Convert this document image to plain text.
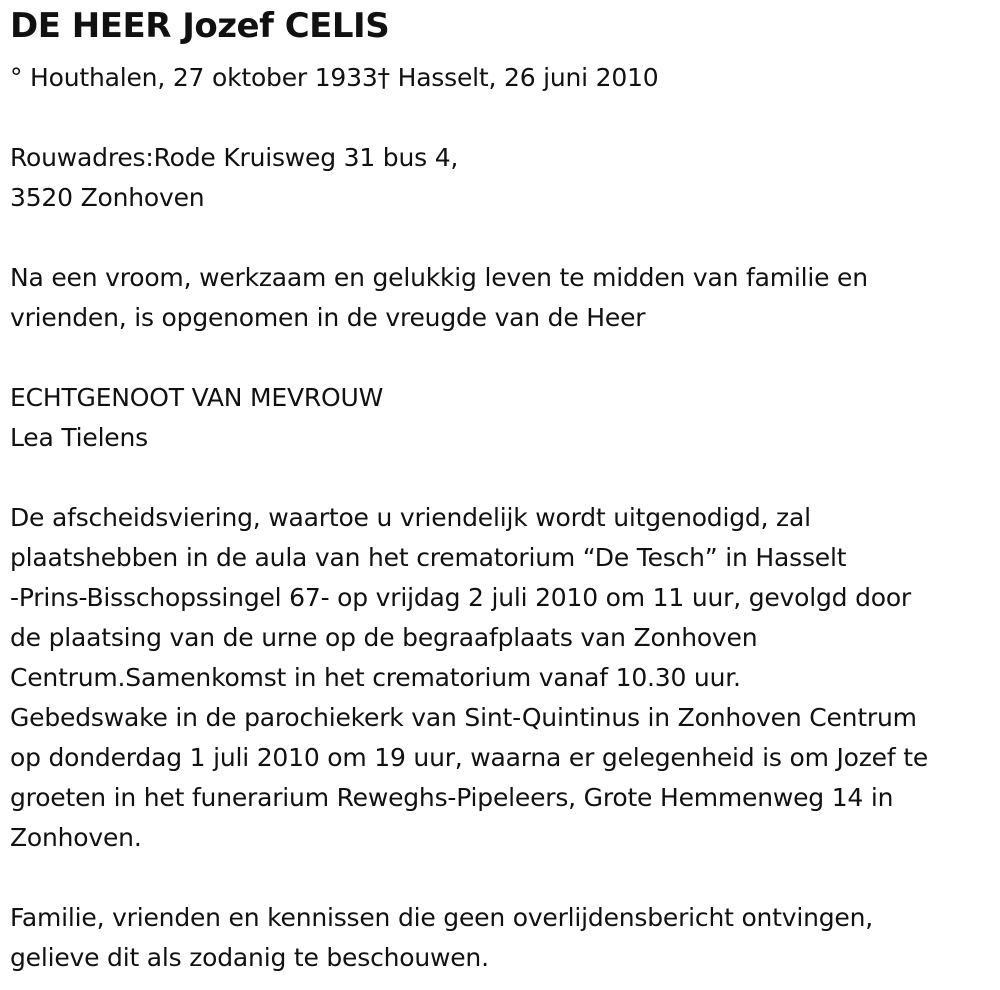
DE HEER Jozef CELIS
° Houthalen, 27 oktober 1933† Hasselt, 26 juni 2010
Rouwadres:Rode Kruisweg 31 bus 4,
3520 Zonhoven
Na een vroom, werkzaam en gelukkig leven te midden van familie en
vrienden, is opgenomen in de vreugde van de Heer
ECHTGENOOT VAN MEVROUW
Lea Tielens
De afscheidsviering, waartoe u vriendelijk wordt uitgenodigd, zal
plaatshebben in de aula van het crematorium “De Tesch” in Hasselt
-Prins-Bisschopssingel 67- op vrijdag 2 juli 2010 om 11 uur, gevolgd door
de plaatsing van de urne op de begraafplaats van Zonhoven
Centrum.Samenkomst in het crematorium vanaf 10.30 uur.
Gebedswake in de parochiekerk van Sint-Quintinus in Zonhoven Centrum
op donderdag 1 juli 2010 om 19 uur, waarna er gelegenheid is om Jozef te
groeten in het funerarium Reweghs-Pipeleers, Grote Hemmenweg 14 in
Zonhoven.
Familie, vrienden en kennissen die geen overlijdensbericht ontvingen,
gelieve dit als zodanig te beschouwen.
